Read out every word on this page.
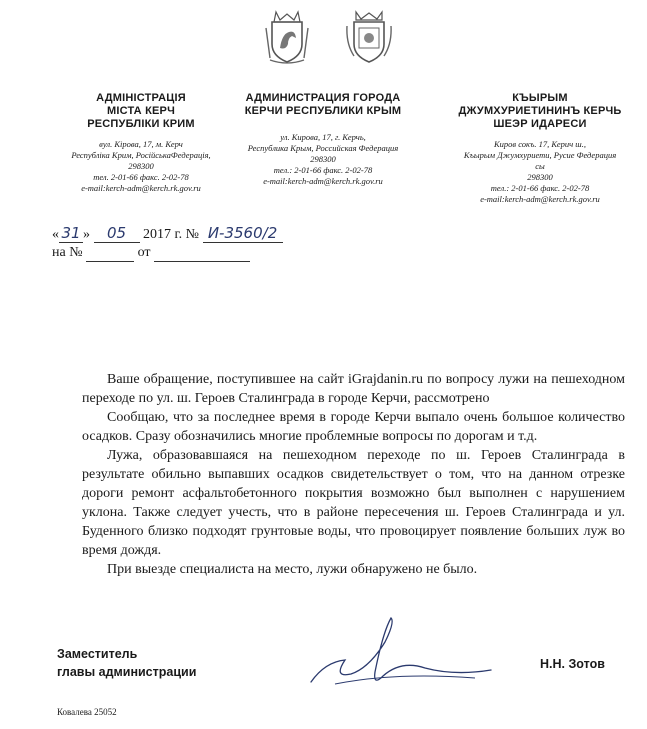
АДМІНІСТРАЦІЯ
МІСТА КЕРЧ
РЕСПУБЛІКИ КРИМ
вул. Кірова, 17, м. Керч
Республіка Крим, РосійськаФедерація,
298300
тел. 2-01-66 факс. 2-02-78
e-mail:kerch-adm@kerch.rk.gov.ru
АДМИНИСТРАЦИЯ ГОРОДА
КЕРЧИ РЕСПУБЛИКИ КРЫМ
ул. Кирова, 17, г. Керчь,
Республика Крым, Российская Федерация
298300
тел.: 2-01-66 факс. 2-02-78
e-mail:kerch-adm@kerch.rk.gov.ru
КЪЫРЫМ
ДЖУМХУРИЕТИНИНЪ КЕРЧЬ
ШЕЭР ИДАРЕСИ
Киров сокъ. 17, Керич ш.,
Къырым Джумхуриети, Русие Федерация
сы
298300
тел.: 2-01-66 факс. 2-02-78
e-mail:kerch-adm@kerch.rk.gov.ru
« 31 » 05 2017 г. № И-3560/2
на №	от

Ваше обращение, поступившее на сайт iGrajdanin.ru по вопросу лужи на пешеходном переходе по ул. ш. Героев Сталинграда в городе Керчи, рассмотрено

Сообщаю, что за последнее время в городе Керчи выпало очень большое количество осадков. Сразу обозначились многие проблемные вопросы по дорогам и т.д.

Лужа, образовавшаяся на пешеходном переходе по ш. Героев Сталинграда в результате обильно выпавших осадков свидетельствует о том, что на данном отрезке дороги ремонт асфальтобетонного покрытия возможно был выполнен с нарушением уклона. Также следует учесть, что в районе пересечения ш. Героев Сталинграда и ул. Буденного близко подходят грунтовые воды, что провоцирует появление больших луж во время дождя.

При выезде специалиста на место, лужи обнаружено не было.

Заместитель
главы администрации
Н.Н. Зотов
Ковалева 25052
